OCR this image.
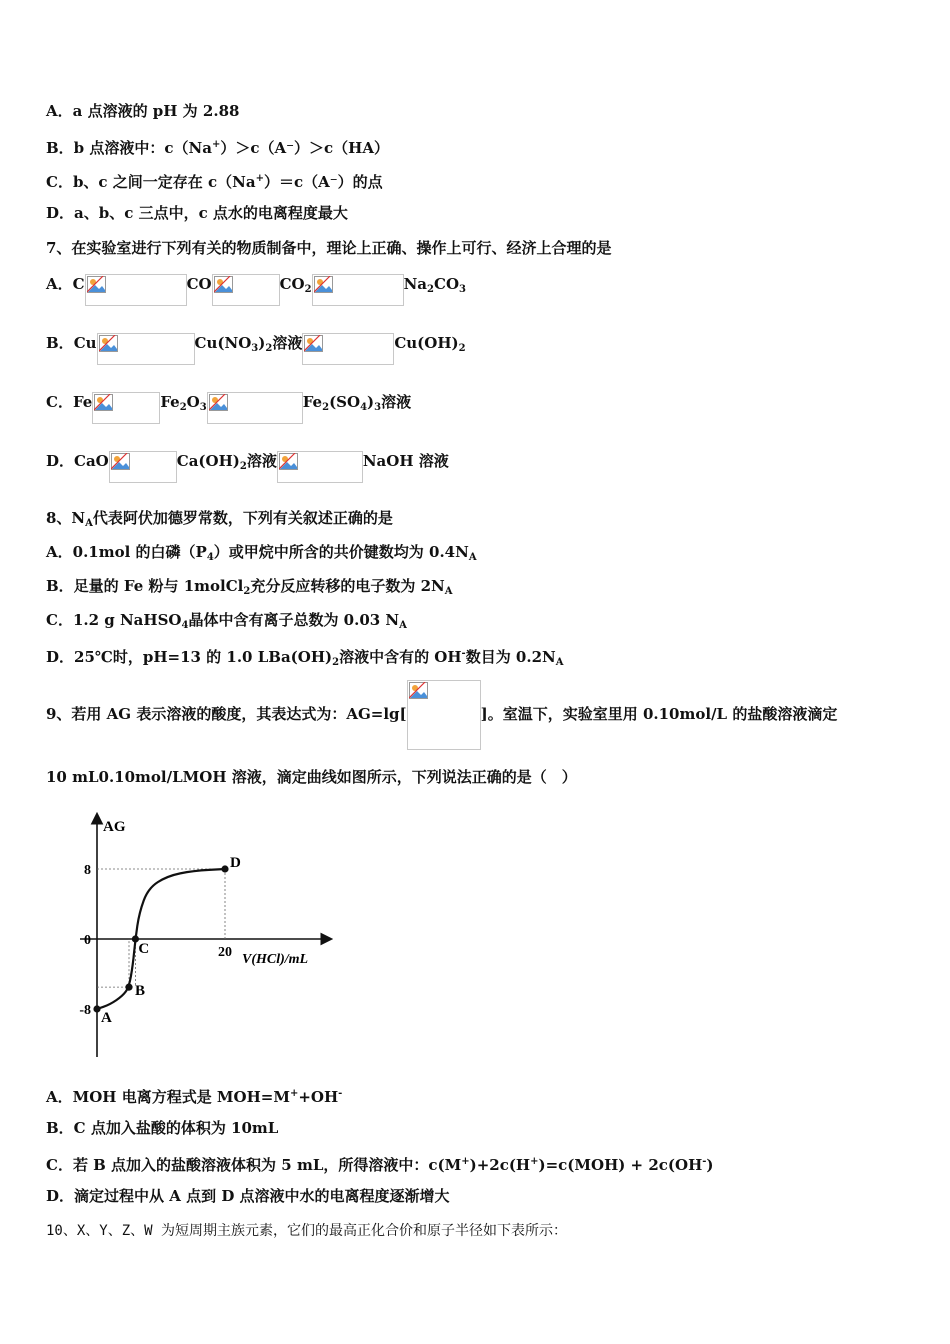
A．a 点溶液的 pH 为 2.88
B．b 点溶液中：c（Na+）＞c（A⁻）＞c（HA）
C．b、c 之间一定存在 c（Na+）＝c（A⁻）的点
D．a、b、c 三点中，c 点水的电离程度最大
7、在实验室进行下列有关的物质制备中，理论上正确、操作上可行、经济上合理的是
A．C	CO	$CO_2$	$Na_2CO_3$
B．Cu	$Cu(NO_3)_2$溶液	$Cu(OH)_2$
C．Fe	$Fe_2O_3$	$Fe_2(SO_4)_3$溶液
D．CaO	$Ca(OH)_2$溶液	NaOH 溶液
8、$N_A$代表阿伏加德罗常数，下列有关叙述正确的是
A．0.1mol 的白磷$(P_4)$或甲烷中所含的共价键数均为 $0.4N_A$
B．足量的 Fe 粉与 1molCl$_2$充分反应转移的电子数为 $2N_A$
C．1.2 g NaHSO$_4$晶体中含有离子总数为 0.03 $N_A$
D．25℃时，pH=13 的 1.0 $LBa(OH)_2$溶液中含有的 OH-数目为 $0.2N_A$
9、若用 AG 表示溶液的酸度，其表达式为：AG=lg[	]。室温下，实验室里用 0.10mol/L 的盐酸溶液滴定
10 mL0.10mol/LMOH 溶液，滴定曲线如图所示，下列说法正确的是（　）
AG
V(HCl)/mL
8
0
-8
20
A
B
C
D
A．MOH 电离方程式是 MOH=M++OH-
B．C 点加入盐酸的体积为 10mL
C．若 B 点加入的盐酸溶液体积为 5 mL，所得溶液中：c(M+)+2c(H+)=c(MOH) + 2c(OH-)
D．滴定过程中从 A 点到 D 点溶液中水的电离程度逐渐增大
10、X、Y、Z、W 为短周期主族元素，它们的最高正化合价和原子半径如下表所示：
